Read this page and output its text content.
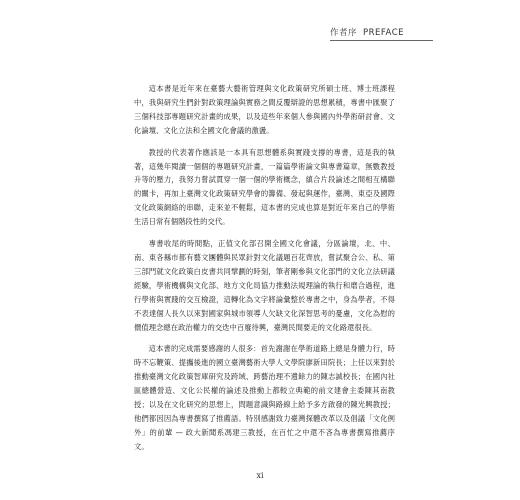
作者序 PREFACE

這本書是近年來在臺藝大藝術管理與文化政策研究所碩士班、博士班課程中，我與研究生們針對政策理論與實務之間反覆辯證的思想累積，專書中匯聚了三個科技部專題研究計畫的成果，以及這些年來個人參與國內外學術研討會、文化論壇、文化立法和全國文化會議的激盪。

教授的代表著作應該是一本具有思想體系與實踐支撐的專書，這是我的執著，這幾年閱讀一個個的專題研究計畫，一篇篇學術論文與專書篇章，無數教授升等的壓力，我努力嘗試貫穿一個一個的學術概念，縝合片段論述之間相互構聯的關卡，再加上臺灣文化政策研究學會的籌備、發起與運作，臺灣、東亞及國際文化政策網絡的串聯，走來並不輕鬆，這本書的完成也算是對近年來自己的學術生活日常有個階段性的交代。

專書收尾的時間點，正值文化部召開全國文化會議，分區論壇，北、中、南、東各縣市都有藝文團體與民眾針對文化議題百花齊放，嘗試聚合公、私、第三部門就文化政策白皮書共同擘劃的時刻，筆者剛參與文化部門的文化立法研議經驗，學術機構與文化部、地方文化局協力推動法規理論的執行和磨合過程，進行學術與實踐的交互檢證，這轉化為文字將論彙整於專書之中，身為學者，不得不表達個人長久以來對國家與城市領導人欠缺文化深智思考的憂慮，文化為慰的價值理念總在政治權力的交迭中百廢待興，臺灣民間要走的文化路還很長。

這本書的完成需要感謝的人很多：首先謝謝在學術道路上總是身體力行，時時不忘鞭策、提攜後進的國立臺灣藝術大學人文學院廖新田院長；上任以來對於推動臺灣文化政策智庫研究及跨域、跨藝治理不遺餘力的陳志誠校長；在國內社區總體營造、文化公民權的論述及推動上都較立典範的前文建會主委陳其南教授；以及在文化研究的思想上，問題意識與路線上給予多方啟發的陳光興教授；他們都因因為專書撰寫了推薦語。特別感謝致力臺灣探體改革以及倡議「文化例外」的前輩 — 政大新聞系馮建三教授，在百忙之中還不吝為專書撰寫推薦序文。

xi
